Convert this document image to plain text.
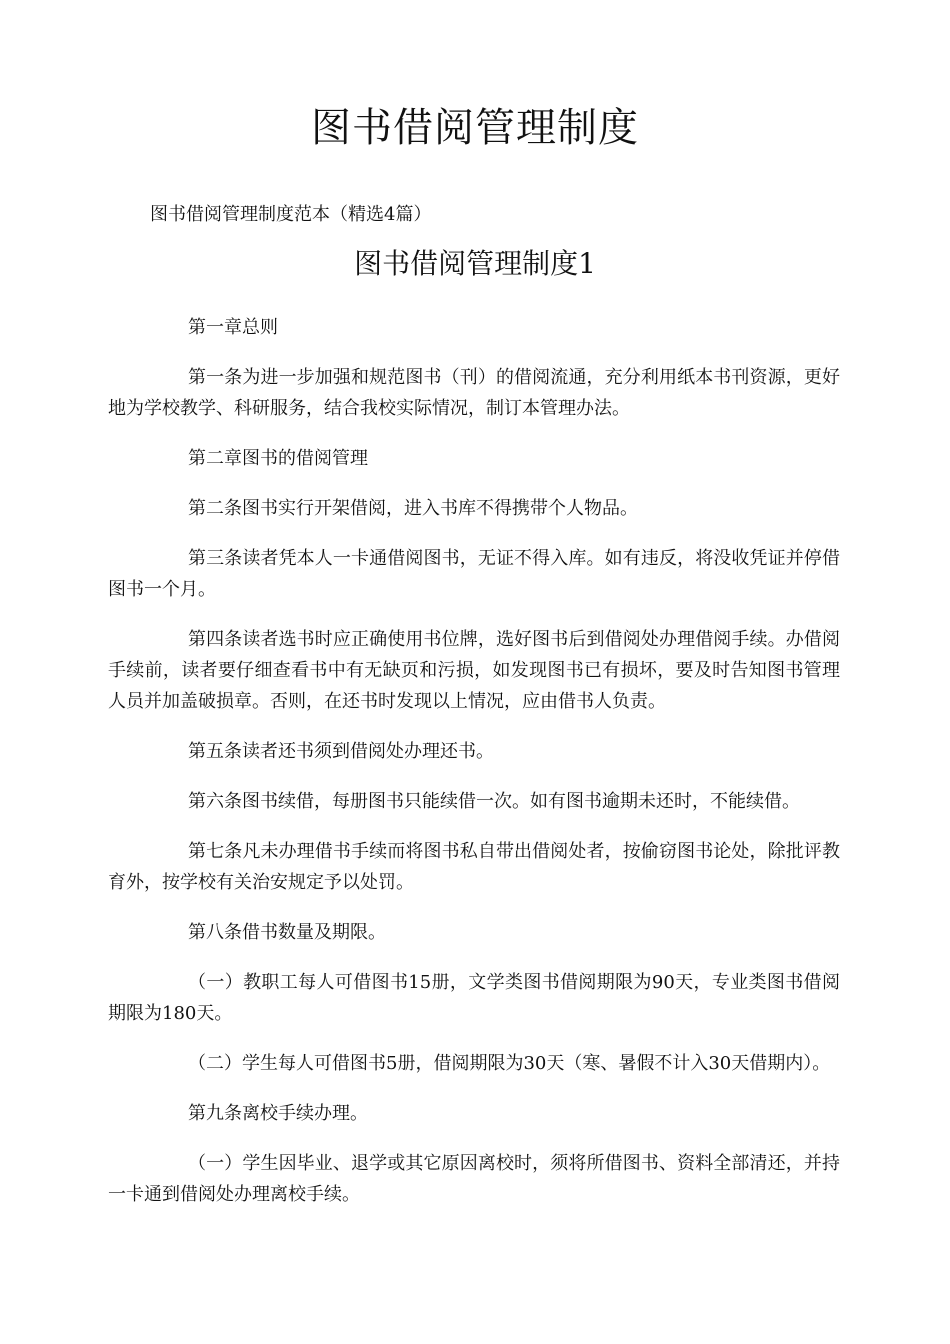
图书借阅管理制度
图书借阅管理制度范本（精选4篇）
图书借阅管理制度1

第一章总则

第一条为进一步加强和规范图书（刊）的借阅流通，充分利用纸本书刊资源，更好地为学校教学、科研服务，结合我校实际情况，制订本管理办法。

第二章图书的借阅管理

第二条图书实行开架借阅，进入书库不得携带个人物品。

第三条读者凭本人一卡通借阅图书，无证不得入库。如有违反，将没收凭证并停借图书一个月。

第四条读者选书时应正确使用书位牌，选好图书后到借阅处办理借阅手续。办借阅手续前，读者要仔细查看书中有无缺页和污损，如发现图书已有损坏，要及时告知图书管理人员并加盖破损章。否则，在还书时发现以上情况，应由借书人负责。

第五条读者还书须到借阅处办理还书。

第六条图书续借，每册图书只能续借一次。如有图书逾期未还时，不能续借。

第七条凡未办理借书手续而将图书私自带出借阅处者，按偷窃图书论处，除批评教育外，按学校有关治安规定予以处罚。

第八条借书数量及期限。

（一）教职工每人可借图书15册，文学类图书借阅期限为90天，专业类图书借阅期限为180天。

（二）学生每人可借图书5册，借阅期限为30天（寒、暑假不计入30天借期内）。

第九条离校手续办理。

（一）学生因毕业、退学或其它原因离校时，须将所借图书、资料全部清还，并持一卡通到借阅处办理离校手续。
